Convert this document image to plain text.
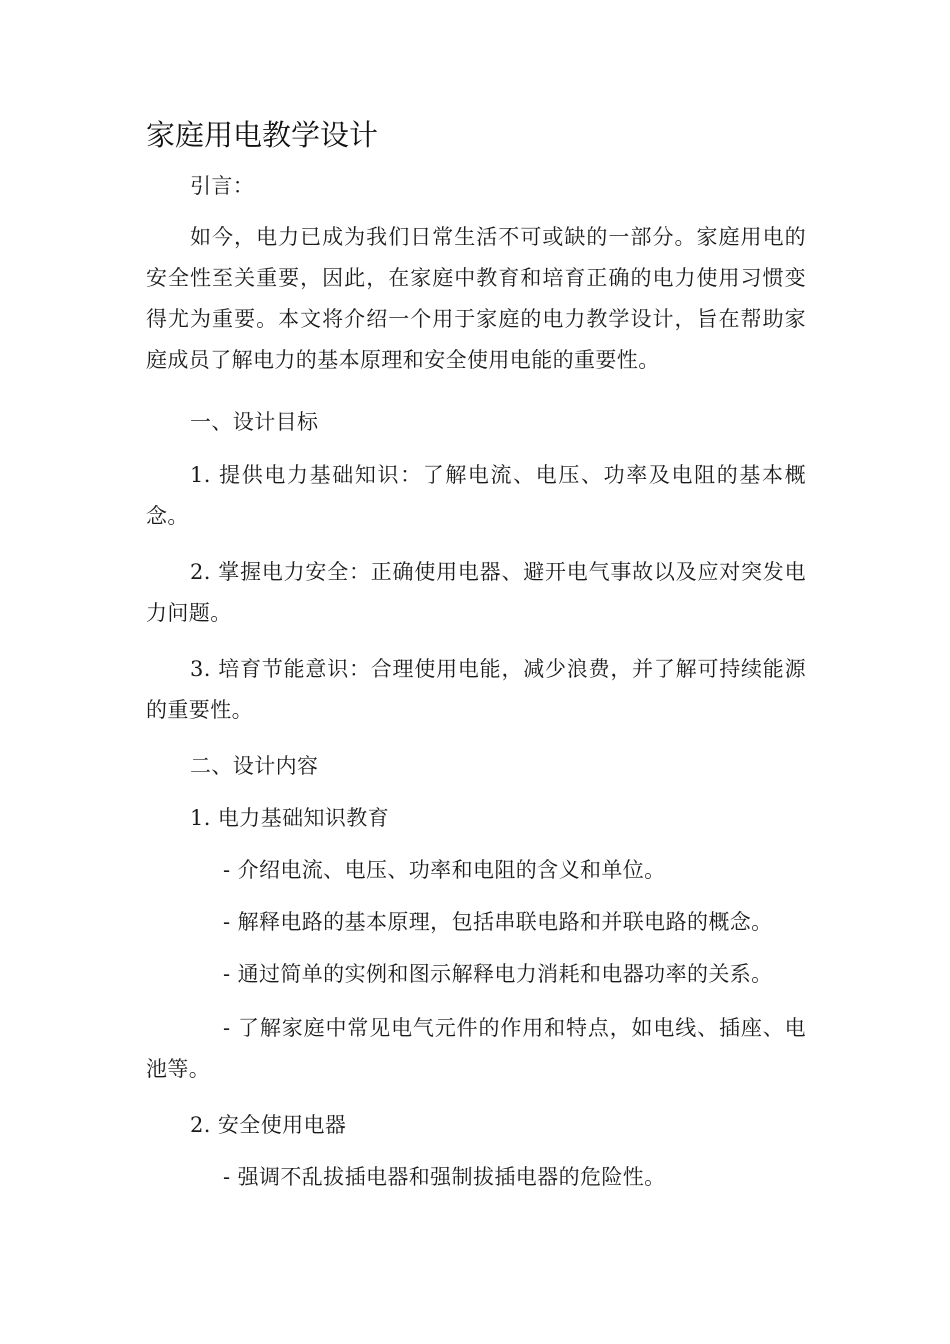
家庭用电教学设计
引言：
如今，电力已成为我们日常生活不可或缺的一部分。家庭用电的安全性至关重要，因此，在家庭中教育和培育正确的电力使用习惯变得尤为重要。本文将介绍一个用于家庭的电力教学设计，旨在帮助家庭成员了解电力的基本原理和安全使用电能的重要性。
一、设计目标
1. 提供电力基础知识：了解电流、电压、功率及电阻的基本概念。
2. 掌握电力安全：正确使用电器、避开电气事故以及应对突发电力问题。
3. 培育节能意识：合理使用电能，减少浪费，并了解可持续能源的重要性。
二、设计内容
1. 电力基础知识教育
- 介绍电流、电压、功率和电阻的含义和单位。
- 解释电路的基本原理，包括串联电路和并联电路的概念。
- 通过简单的实例和图示解释电力消耗和电器功率的关系。
- 了解家庭中常见电气元件的作用和特点，如电线、插座、电池等。
2. 安全使用电器
- 强调不乱拔插电器和强制拔插电器的危险性。
